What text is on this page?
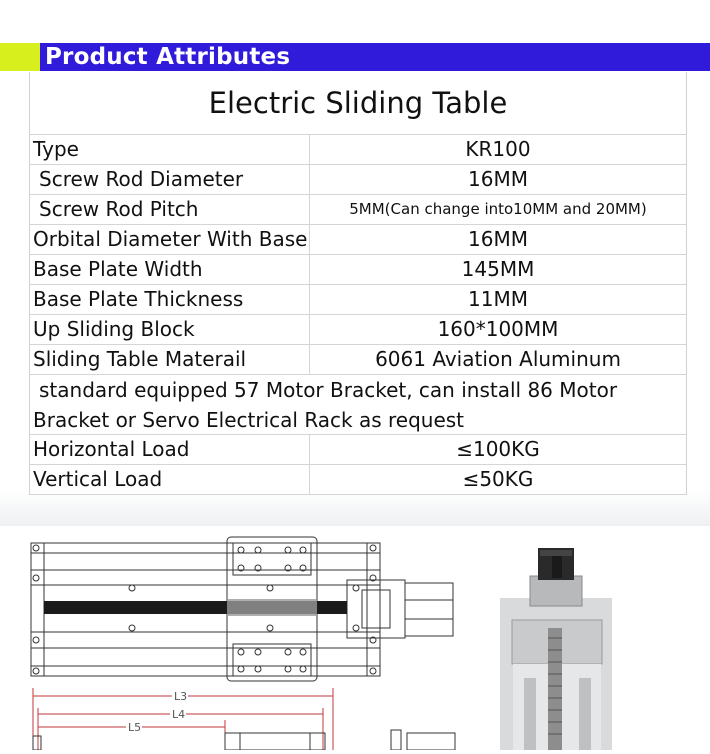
Product Attributes
Electric Sliding Table
Type	KR100
Screw Rod Diameter	16MM
Screw Rod Pitch	5MM(Can change into10MM and 20MM)
Orbital Diameter With Base	16MM
Base Plate Width	145MM
Base Plate Thickness	11MM
Up Sliding Block	160*100MM
Sliding Table Materail	6061 Aviation Aluminum
standard equipped 57 Motor Bracket, can install 86 Motor
Bracket or Servo Electrical Rack as request
Horizontal Load	≤100KG
Vertical Load	≤50KG
L3
L4
L5
